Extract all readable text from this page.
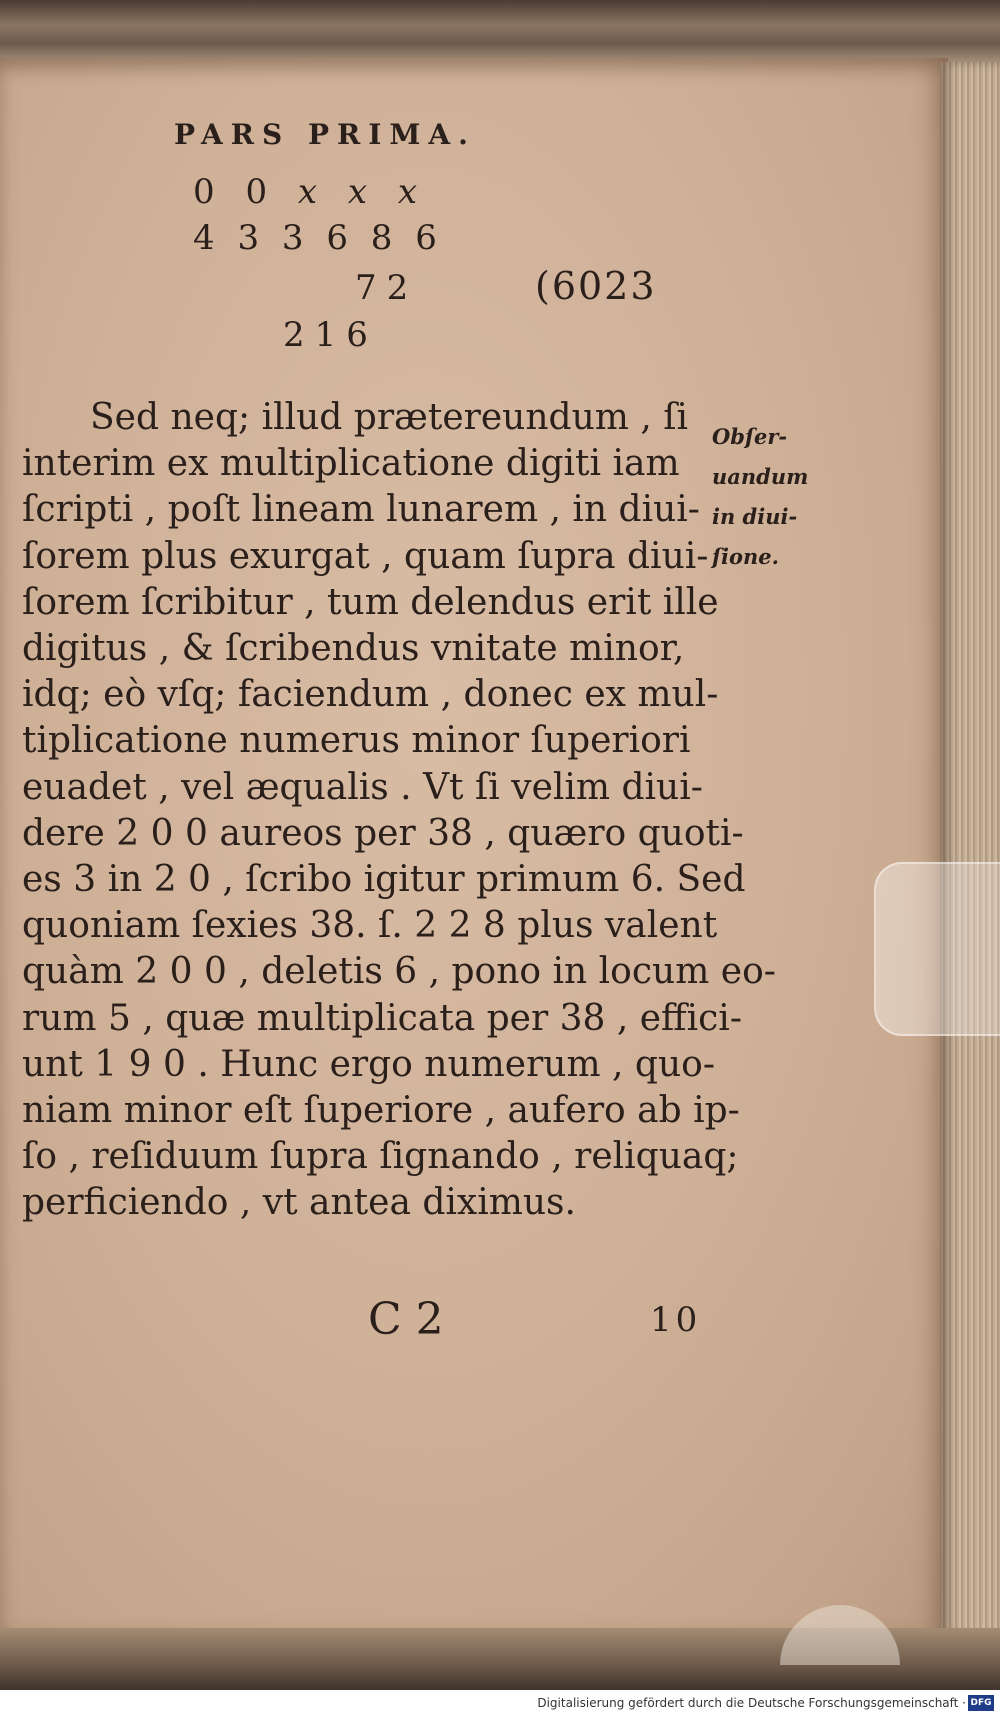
PARS PRIMA.
0 0 𝑥 𝑥 𝑥
4 3 3 6 8 6
72	(6023
216
Sed neq; illud prætereundum , ſi
interim ex multiplicatione digiti iam
ſcripti , poſt lineam lunarem , in diui-
ſorem plus exurgat , quam ſupra diui-
ſorem ſcribitur , tum delendus erit ille
digitus , & ſcribendus vnitate minor,
idq; eò vſq; faciendum , donec ex mul-
tiplicatione numerus minor ſuperiori
euadet , vel æqualis . Vt ſi velim diui-
dere 2 0 0 aureos per 38 , quæro quoti-
es 3 in 2 0 , ſcribo igitur primum 6. Sed
quoniam ſexies 38. ſ. 2 2 8 plus valent
quàm 2 0 0 , deletis 6 , pono in locum eo-
rum 5 , quæ multiplicata per 38 , effici-
unt 1 9 0 . Hunc ergo numerum , quo-
niam minor eſt ſuperiore , aufero ab ip-
ſo , reſiduum ſupra ſignando , reliquaq;
perficiendo , vt antea diximus.
Obſer-
uandum
in diui-
ſione.
C 2	10
Digitalisierung gefördert durch die Deutsche Forschungsgemeinschaft · DFG
